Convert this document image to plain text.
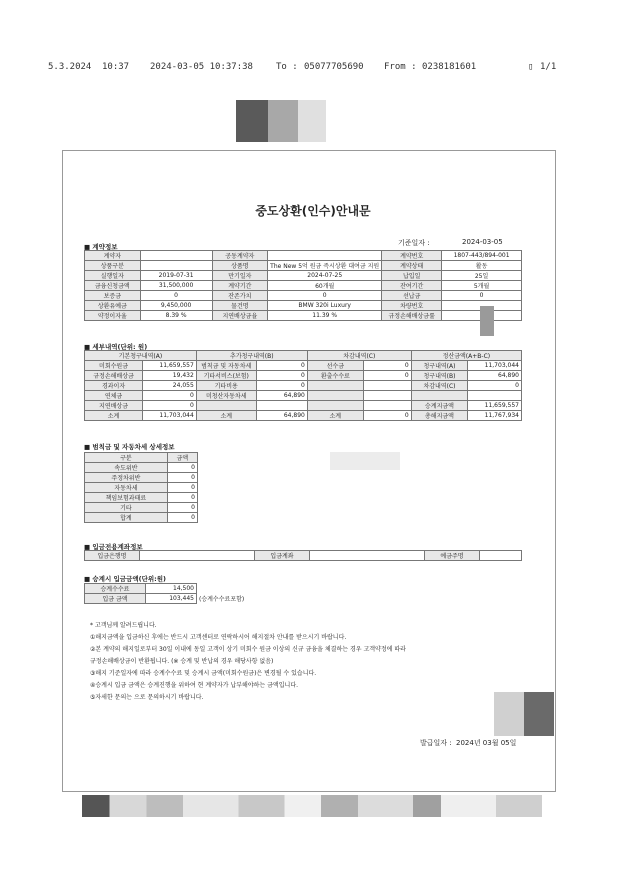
5.3.2024 10:37 2024-03-05 10:37:38	To : 05077705690 From : 0238181601	▯ 1/1
중도상환(인수)안내문
기준일자 :	2024-03-05
■ 계약정보
계약자		공동계약자		계약번호	1807-443/894-001
상품구분		상품명	The New 5억 원금 즉시상환 대여금 지원	계약상태	활동
실행일자	2019-07-31	만기일자	2024-07-25	납입일	25일
금융신청금액	31,500,000	계약기간	60개월	잔여기간	5개월
보증금	0	잔존가치	0	선납금	0
상환유예금	9,450,000	물건명	BMW 320i Luxury	차량번호	
약정이자율	8.39 %	지연배상금율	11.39 %	규정손해배상금률	
■ 세부내역(단위: 원)
기본청구내역(A)		추가청구내역(B)		차감내역(C)		정산금액(A+B-C)	
미회수원금	11,659,557	범칙금 및 자동차세	0	선수금	0	청구내역(A)	11,703,044
규정손해배상금	19,432	기타서비스(보험)	0	환출수수료	0	청구내역(B)	64,890
경과이자	24,055	기타비용	0			차감내역(C)	0
연체금	0	미청산자동차세	64,890				
지연배상금	0					승계지금액	11,659,557
소계	11,703,044	소계	64,890	소계	0	총해지금액	11,767,934
■ 범칙금 및 자동차세 상세정보
구분	금액
속도위반	0
주정차위반	0
자동차세	0
책임보험과태료	0
기타	0
합계	0
■ 입금전용계좌정보
입금은행명		입금계좌		예금주명	
■ 승계시 입금금액(단위:원)
승계수수료	14,500	
입금 금액	103,445	(승계수수료포함)
* 고객님께 알려드립니다.
①해지금액을 입금하신 후에는 반드시 고객센터로 연락하시어 해지절차 안내를 받으시기 바랍니다.
②본 계약의 해지일로부터 30일 이내에 동일 고객이 상기 미회수 원금 이상의 신규 금융을 체결하는 경우 고객약정에 따라
규정손해배상금이 반환됩니다. (※ 승계 및 반납의 경우 해당사항 없음)
③해지 기준일자에 따라 승계수수료 및 승계시 금액(미회수원금)은 변경될 수 있습니다.
④승계시 입금 금액은 승계진행을 위하여 현 계약자가 납부해야하는 금액입니다.
⑤자세한 문의는 으로 문의하시기 바랍니다.
발급일자 : 2024년 03월 05일
